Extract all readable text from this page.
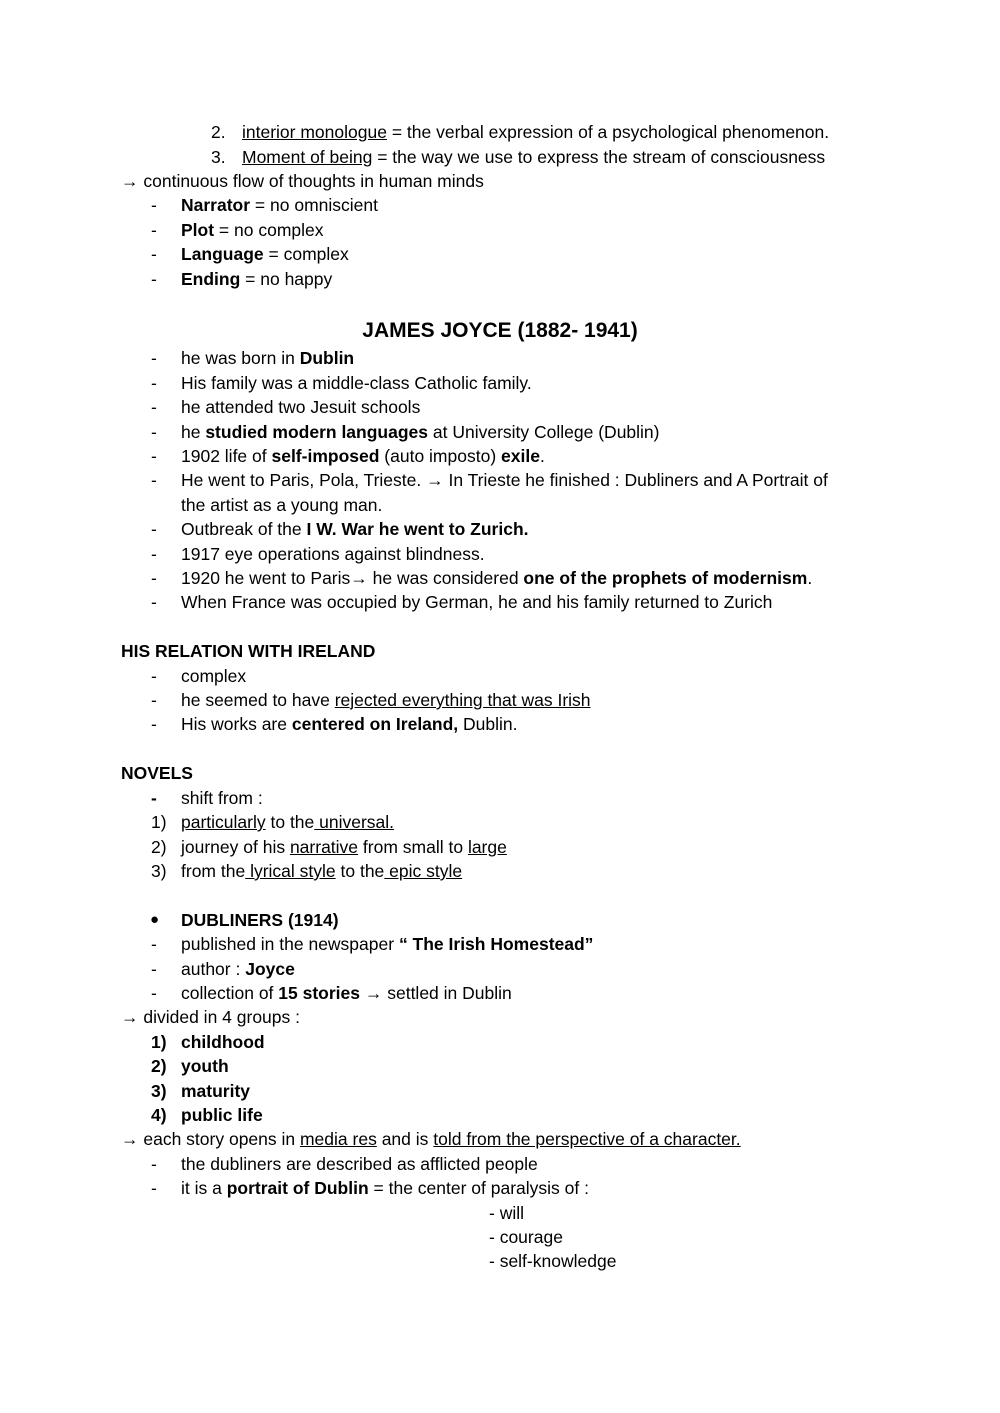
2. interior monologue = the verbal expression of a psychological phenomenon.
3. Moment of being = the way we use to express the stream of consciousness
→ continuous flow of thoughts in human minds
- Narrator = no omniscient
- Plot = no complex
- Language = complex
- Ending = no happy
JAMES JOYCE (1882- 1941)
- he was born in Dublin
- His family was a middle-class Catholic family.
- he attended two Jesuit schools
- he studied modern languages at University College (Dublin)
- 1902 life of self-imposed (auto imposto) exile.
- He went to Paris, Pola, Trieste. → In Trieste he finished : Dubliners and A Portrait of
the artist as a young man.
- Outbreak of the I W. War he went to Zurich.
- 1917 eye operations against blindness.
- 1920 he went to Paris→ he was considered one of the prophets of modernism.
- When France was occupied by German, he and his family returned to Zurich
HIS RELATION WITH IRELAND
- complex
- he seemed to have rejected everything that was Irish
- His works are centered on Ireland, Dublin.
NOVELS
- shift from :
1) particularly to the universal.
2) journey of his narrative from small to large
3) from the lyrical style to the epic style
● DUBLINERS (1914)
- published in the newspaper “ The Irish Homestead”
- author : Joyce
- collection of 15 stories → settled in Dublin
→ divided in 4 groups :
1) childhood
2) youth
3) maturity
4) public life
→ each story opens in media res and is told from the perspective of a character.
- the dubliners are described as afflicted people
- it is a portrait of Dublin = the center of paralysis of :
- will
- courage
- self-knowledge
